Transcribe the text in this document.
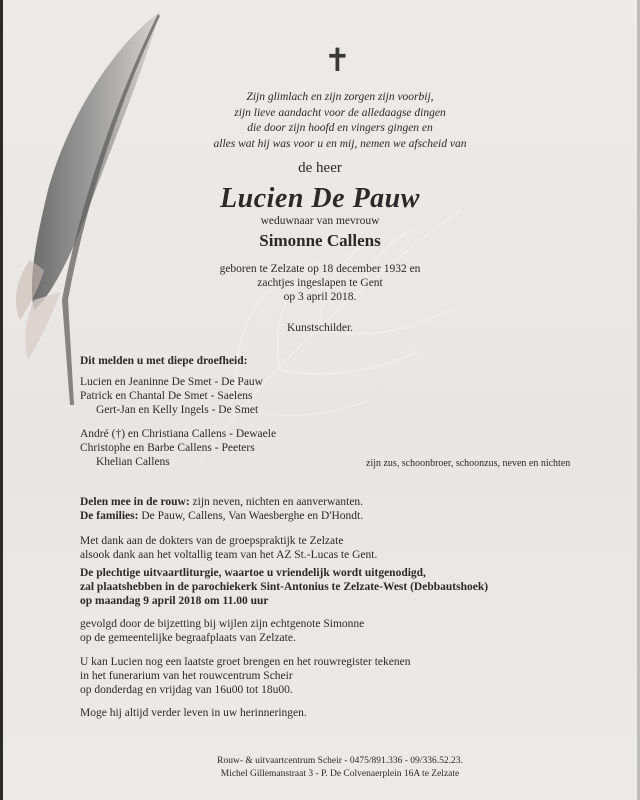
✝
Zijn glimlach en zijn zorgen zijn voorbij,
zijn lieve aandacht voor de alledaagse dingen
die door zijn hoofd en vingers gingen en
alles wat hij was voor u en mij, nemen we afscheid van
de heer
Lucien De Pauw
weduwnaar van mevrouw
Simonne Callens
geboren te Zelzate op 18 december 1932 en
zachtjes ingeslapen te Gent
op 3 april 2018.
Kunstschilder.
Dit melden u met diepe droefheid:
Lucien en Jeaninne De Smet - De Pauw
Patrick en Chantal De Smet - Saelens
Gert-Jan en Kelly Ingels - De Smet
André (†) en Christiana Callens - Dewaele
Christophe en Barbe Callens - Peeters
Khelian Callens	zijn zus, schoonbroer, schoonzus, neven en nichten
Delen mee in de rouw: zijn neven, nichten en aanverwanten.
De families: De Pauw, Callens, Van Waesberghe en D'Hondt.
Met dank aan de dokters van de groepspraktijk te Zelzate
alsook dank aan het voltallig team van het AZ St.-Lucas te Gent.
De plechtige uitvaartliturgie, waartoe u vriendelijk wordt uitgenodigd,
zal plaatshebben in de parochiekerk Sint-Antonius te Zelzate-West (Debbautshoek)
op maandag 9 april 2018 om 11.00 uur
gevolgd door de bijzetting bij wijlen zijn echtgenote Simonne
op de gemeentelijke begraafplaats van Zelzate.
U kan Lucien nog een laatste groet brengen en het rouwregister tekenen
in het funerarium van het rouwcentrum Scheir
op donderdag en vrijdag van 16u00 tot 18u00.
Moge hij altijd verder leven in uw herinneringen.
Rouw- & uitvaartcentrum Scheir - 0475/891.336 - 09/336.52.23.
Michel Gillemanstraat 3 - P. De Colvenaerplein 16A te Zelzate
